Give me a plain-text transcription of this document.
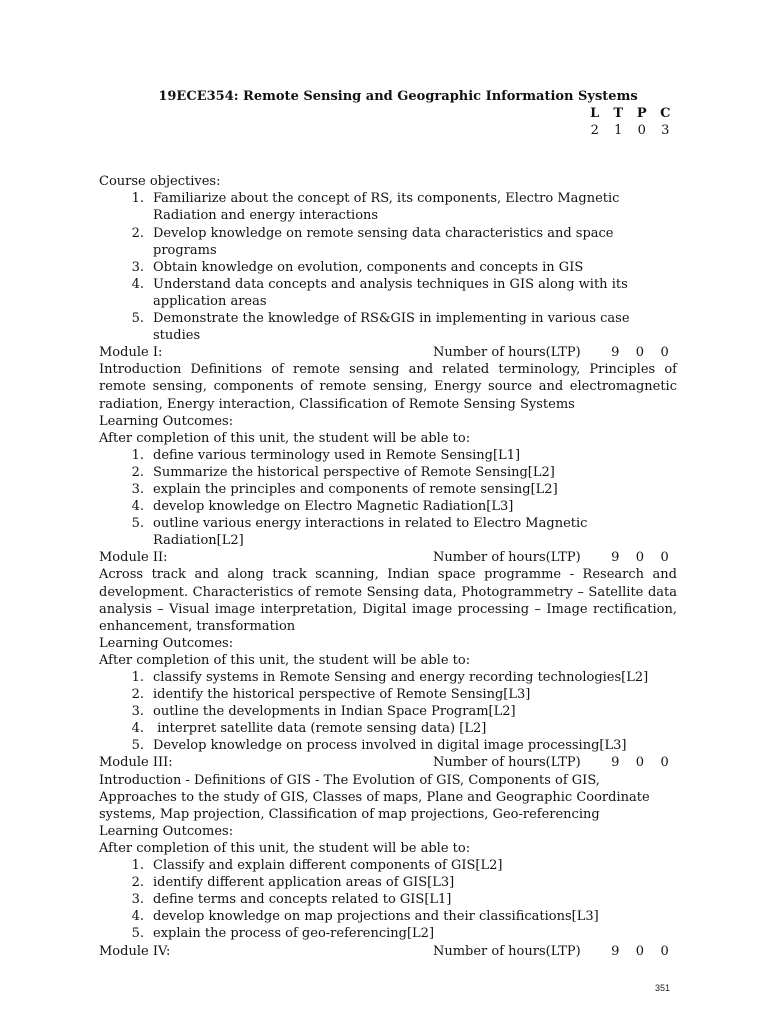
19ECE354: Remote Sensing and Geographic Information Systems
L	T	P	C
2	1	0	3
Course objectives:
1. Familiarize about the concept of RS, its components, Electro Magnetic Radiation and energy interactions
2. Develop knowledge on remote sensing data characteristics and space programs
3. Obtain knowledge on evolution, components and concepts in GIS
4. Understand data concepts and analysis techniques in GIS along with its application areas
5. Demonstrate the knowledge of RS&GIS in implementing in various case studies
Module I:	Number of hours(LTP)	9	0	0
Introduction Definitions of remote sensing and related terminology, Principles of remote sensing, components of remote sensing, Energy source and electromagnetic radiation, Energy interaction, Classification of Remote Sensing Systems
Learning Outcomes:
After completion of this unit, the student will be able to:
1. define various terminology used in Remote Sensing[L1]
2. Summarize the historical perspective of Remote Sensing[L2]
3. explain the principles and components of remote sensing[L2]
4. develop knowledge on Electro Magnetic Radiation[L3]
5. outline various energy interactions in related to Electro Magnetic Radiation[L2]
Module II:	Number of hours(LTP)	9	0	0
Across track and along track scanning, Indian space programme - Research and development. Characteristics of remote Sensing data, Photogrammetry – Satellite data analysis – Visual image interpretation, Digital image processing – Image rectification, enhancement, transformation
Learning Outcomes:
After completion of this unit, the student will be able to:
1. classify systems in Remote Sensing and energy recording technologies[L2]
2. identify the historical perspective of Remote Sensing[L3]
3. outline the developments in Indian Space Program[L2]
4. interpret satellite data (remote sensing data) [L2]
5. Develop knowledge on process involved in digital image processing[L3]
Module III:	Number of hours(LTP)	9	0	0
Introduction - Definitions of GIS - The Evolution of GIS, Components of GIS, Approaches to the study of GIS, Classes of maps, Plane and Geographic Coordinate systems, Map projection, Classification of map projections, Geo-referencing
Learning Outcomes:
After completion of this unit, the student will be able to:
1. Classify and explain different components of GIS[L2]
2. identify different application areas of GIS[L3]
3. define terms and concepts related to GIS[L1]
4. develop knowledge on map projections and their classifications[L3]
5. explain the process of geo-referencing[L2]
Module IV:	Number of hours(LTP)	9	0	0
351
